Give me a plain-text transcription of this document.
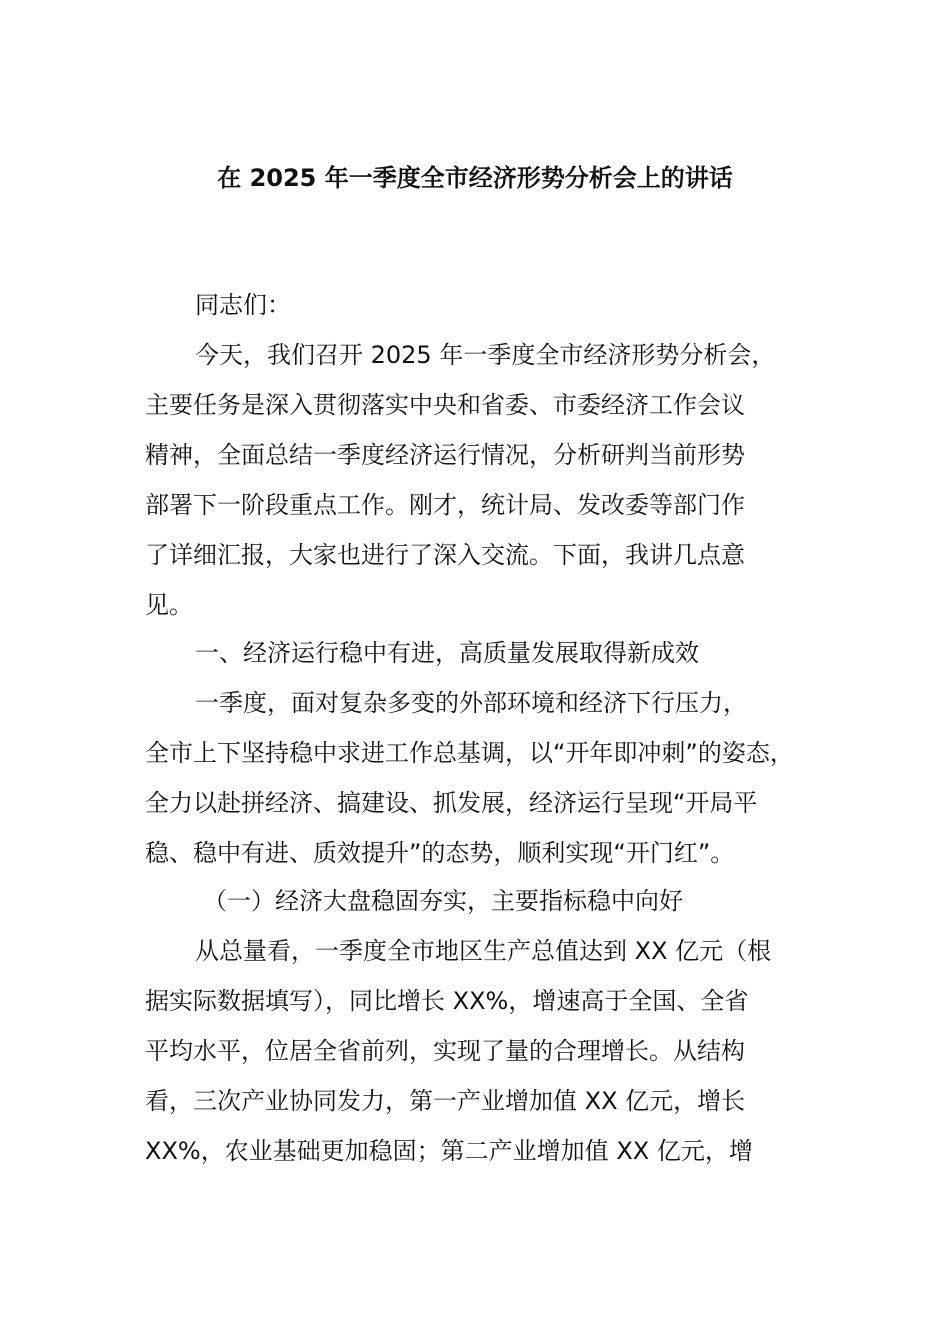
在 2025 年一季度全市经济形势分析会上的讲话

同志们：

今天，我们召开 2025 年一季度全市经济形势分析会，

主要任务是深入贯彻落实中央和省委、市委经济工作会议

精神，全面总结一季度经济运行情况，分析研判当前形势

部署下一阶段重点工作。刚才，统计局、发改委等部门作

了详细汇报，大家也进行了深入交流。下面，我讲几点意

见。

一、经济运行稳中有进，高质量发展取得新成效

一季度，面对复杂多变的外部环境和经济下行压力，

全市上下坚持稳中求进工作总基调，以“开年即冲刺”的姿态，

全力以赴拼经济、搞建设、抓发展，经济运行呈现“开局平

稳、稳中有进、质效提升”的态势，顺利实现“开门红”。

（一）经济大盘稳固夯实，主要指标稳中向好

从总量看，一季度全市地区生产总值达到 XX 亿元（根

据实际数据填写），同比增长 XX%，增速高于全国、全省

平均水平，位居全省前列，实现了量的合理增长。从结构

看，三次产业协同发力，第一产业增加值 XX 亿元，增长

XX%，农业基础更加稳固；第二产业增加值 XX 亿元，增
